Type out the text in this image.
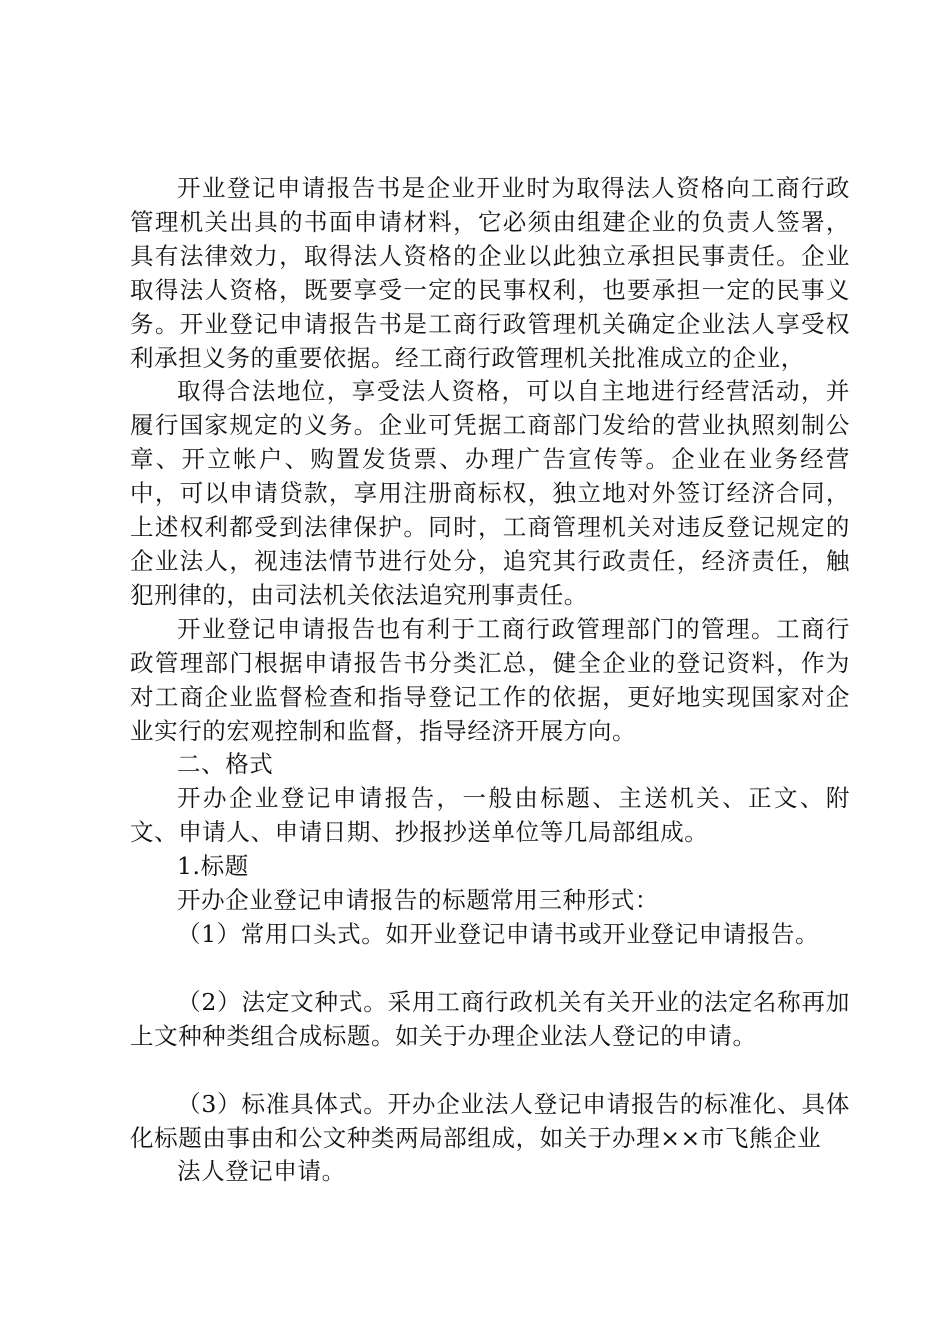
开业登记申请报告书是企业开业时为取得法人资格向工商行政管理机关出具的书面申请材料，它必须由组建企业的负责人签署，具有法律效力，取得法人资格的企业以此独立承担民事责任。企业取得法人资格，既要享受一定的民事权利，也要承担一定的民事义务。开业登记申请报告书是工商行政管理机关确定企业法人享受权利承担义务的重要依据。经工商行政管理机关批准成立的企业，

取得合法地位，享受法人资格，可以自主地进行经营活动，并履行国家规定的义务。企业可凭据工商部门发给的营业执照刻制公章、开立帐户、购置发货票、办理广告宣传等。企业在业务经营中，可以申请贷款，享用注册商标权，独立地对外签订经济合同，上述权利都受到法律保护。同时，工商管理机关对违反登记规定的企业法人，视违法情节进行处分，追究其行政责任，经济责任，触犯刑律的，由司法机关依法追究刑事责任。

开业登记申请报告也有利于工商行政管理部门的管理。工商行政管理部门根据申请报告书分类汇总，健全企业的登记资料，作为对工商企业监督检查和指导登记工作的依据，更好地实现国家对企业实行的宏观控制和监督，指导经济开展方向。

二、格式

开办企业登记申请报告，一般由标题、主送机关、正文、附文、申请人、申请日期、抄报抄送单位等几局部组成。

1.标题

开办企业登记申请报告的标题常用三种形式：

（1）常用口头式。如开业登记申请书或开业登记申请报告。

（2）法定文种式。采用工商行政机关有关开业的法定名称再加上文种种类组合成标题。如关于办理企业法人登记的申请。

（3）标准具体式。开办企业法人登记申请报告的标准化、具体化标题由事由和公文种类两局部组成，如关于办理××市飞熊企业

法人登记申请。
